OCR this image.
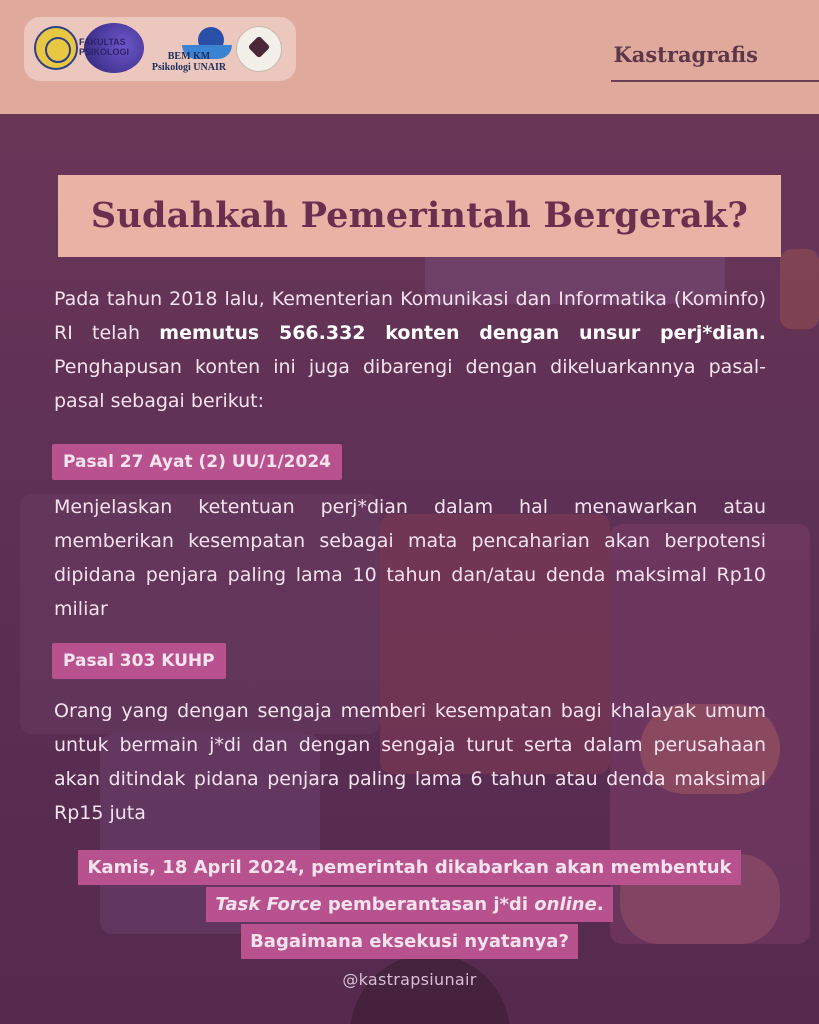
FAKULTAS PSIKOLOGI	BEM KM Psikologi UNAIR
Kastragrafis
Sudahkah Pemerintah Bergerak?
Pada tahun 2018 lalu, Kementerian Komunikasi dan Informatika (Kominfo) RI telah memutus 566.332 konten dengan unsur perj*dian. Penghapusan konten ini juga dibarengi dengan dikeluarkannya pasal-pasal sebagai berikut:
Pasal 27 Ayat (2) UU/1/2024
Menjelaskan ketentuan perj*dian dalam hal menawarkan atau memberikan kesempatan sebagai mata pencaharian akan berpotensi dipidana penjara paling lama 10 tahun dan/atau denda maksimal Rp10 miliar
Pasal 303 KUHP
Orang yang dengan sengaja memberi kesempatan bagi khalayak umum untuk bermain j*di dan dengan sengaja turut serta dalam perusahaan akan ditindak pidana penjara paling lama 6 tahun atau denda maksimal Rp15 juta
Kamis, 18 April 2024, pemerintah dikabarkan akan membentuk
Task Force pemberantasan j*di online.
Bagaimana eksekusi nyatanya?
@kastrapsiunair
